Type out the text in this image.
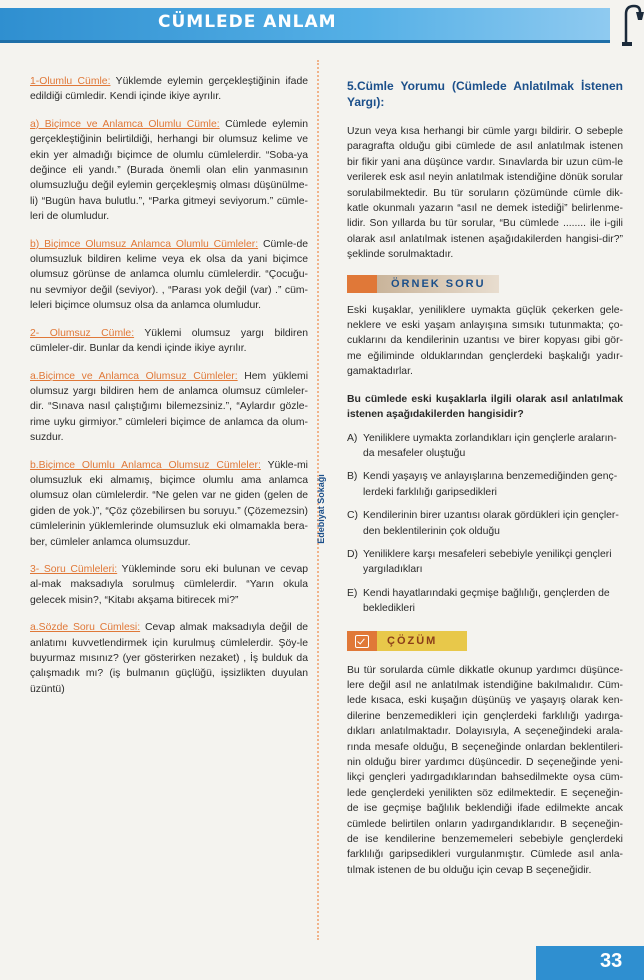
CÜMLEDE ANLAM
Edebiyat Sokağı

1-Olumlu Cümle: Yüklemde eylemin gerçekleştiğinin ifade edildiği cümledir. Kendi içinde ikiye ayrılır.

a) Biçimce ve Anlamca Olumlu Cümle: Cümlede eylemin gerçekleştiğinin belirtildiği, herhangi bir olumsuz kelime ve ekin yer almadığı biçimce de olumlu cümlelerdir. “Soba-ya değince eli yandı.” (Burada önemli olan elin yanmasının olumsuzluğu değil eylemin gerçekleşmiş olması düşünülme-li) “Bugün hava bulutlu.”, “Parka gitmeyi seviyorum.” cümle-leri de olumludur.

b) Biçimce Olumsuz Anlamca Olumlu Cümleler: Cümle-de olumsuzluk bildiren kelime veya ek olsa da yani biçimce olumsuz görünse de anlamca olumlu cümlelerdir. “Çocuğu-nu sevmiyor değil (seviyor). , “Parası yok değil (var) .” cüm-leleri biçimce olumsuz olsa da anlamca olumludur.

2- Olumsuz Cümle: Yüklemi olumsuz yargı bildiren cümleler-dir. Bunlar da kendi içinde ikiye ayrılır.

a.Biçimce ve Anlamca Olumsuz Cümleler: Hem yüklemi olumsuz yargı bildiren hem de anlamca olumsuz cümleler-dir. “Sınava nasıl çalıştığımı bilemezsiniz.”, “Aylardır gözle-rime uyku girmiyor.” cümleleri biçimce de anlamca da olum-suzdur.

b.Biçimce Olumlu Anlamca Olumsuz Cümleler: Yükle-mi olumsuzluk eki almamış, biçimce olumlu ama anlamca olumsuz olan cümlelerdir. “Ne gelen var ne giden (gelen de giden de yok.)”, “Çöz çözebilirsen bu soruyu.” (Çözemezsin) cümlelerinin yüklemlerinde olumsuzluk eki olmamakla bera-ber, cümleler anlamca olumsuzdur.

3- Soru Cümleleri: Yükleminde soru eki bulunan ve cevap al-mak maksadıyla sorulmuş cümlelerdir. “Yarın okula gelecek misin?, “Kitabı akşama bitirecek mi?”

a.Sözde Soru Cümlesi: Cevap almak maksadıyla değil de anlatımı kuvvetlendirmek için kurulmuş cümlelerdir. Şöy-le buyurmaz mısınız? (yer gösterirken nezaket) , İş bulduk da çalışmadık mı? (iş bulmanın güçlüğü, işsizlikten duyulan üzüntü)

5.Cümle Yorumu (Cümlede Anlatılmak İstenen Yargı):

Uzun veya kısa herhangi bir cümle yargı bildirir. O sebeple paragrafta olduğu gibi cümlede de asıl anlatılmak istenen bir fikir yani ana düşünce vardır. Sınavlarda bir uzun cüm-le verilerek esk asıl neyin anlatılmak istendiğine dönük sorular sorulabilmektedir. Bu tür soruların çözümünde cümle dik-katle okunmalı yazarın “asıl ne demek istediği” belirlenme-lidir. Son yıllarda bu tür sorular, “Bu cümlede ........ ile i-gili olarak asıl anlatılmak istenen aşağıdakilerden hangisi-dir?” şeklinde sorulmaktadır.

ÖRNEK SORU

Eski kuşaklar, yeniliklere uymakta güçlük çekerken gele-neklere ve eski yaşam anlayışına sımsıkı tutunmakta; ço-cuklarını da kendilerinin uzantısı ve birer kopyası gibi gör-me eğiliminde olduklarından gençlerdeki başkalığı yadır-gamaktadırlar.

Bu cümlede eski kuşaklarla ilgili olarak asıl anlatılmak istenen aşağıdakilerden hangisidir?

A) Yeniliklere uymakta zorlandıkları için gençlerle araların-da mesafeler oluştuğu
B) Kendi yaşayış ve anlayışlarına benzemediğinden genç-lerdeki farklılığı garipsedikleri
C) Kendilerinin birer uzantısı olarak gördükleri için gençler-den beklentilerinin çok olduğu
D) Yeniliklere karşı mesafeleri sebebiyle yenilikçi gençleri yargıladıkları
E) Kendi hayatlarındaki geçmişe bağlılığı, gençlerden de bekledikleri
ÇÖZÜM

Bu tür sorularda cümle dikkatle okunup yardımcı düşünce-lere değil asıl ne anlatılmak istendiğine bakılmalıdır. Cüm-lede kısaca, eski kuşağın düşünüş ve yaşayış olarak ken-dilerine benzemedikleri için gençlerdeki farklılığı yadırga-dıkları anlatılmaktadır. Dolayısıyla, A seçeneğindeki arala-rında mesafe olduğu, B seçeneğinde onlardan beklentileri-nin olduğu birer yardımcı düşüncedir. D seçeneğinde yeni-likçi gençleri yadırgadıklarından bahsedilmekte oysa cüm-lede gençlerdeki yenilikten söz edilmektedir. E seçeneğin-de ise geçmişe bağlılık beklendiği ifade edilmekte ancak cümlede belirtilen onların yadırgandıklarıdır. B seçeneğin-de ise kendilerine benzememeleri sebebiyle gençlerdeki farklılığı garipsedikleri vurgulanmıştır. Cümlede asıl anla-tılmak istenen de bu olduğu için cevap B seçeneğidir.

33
